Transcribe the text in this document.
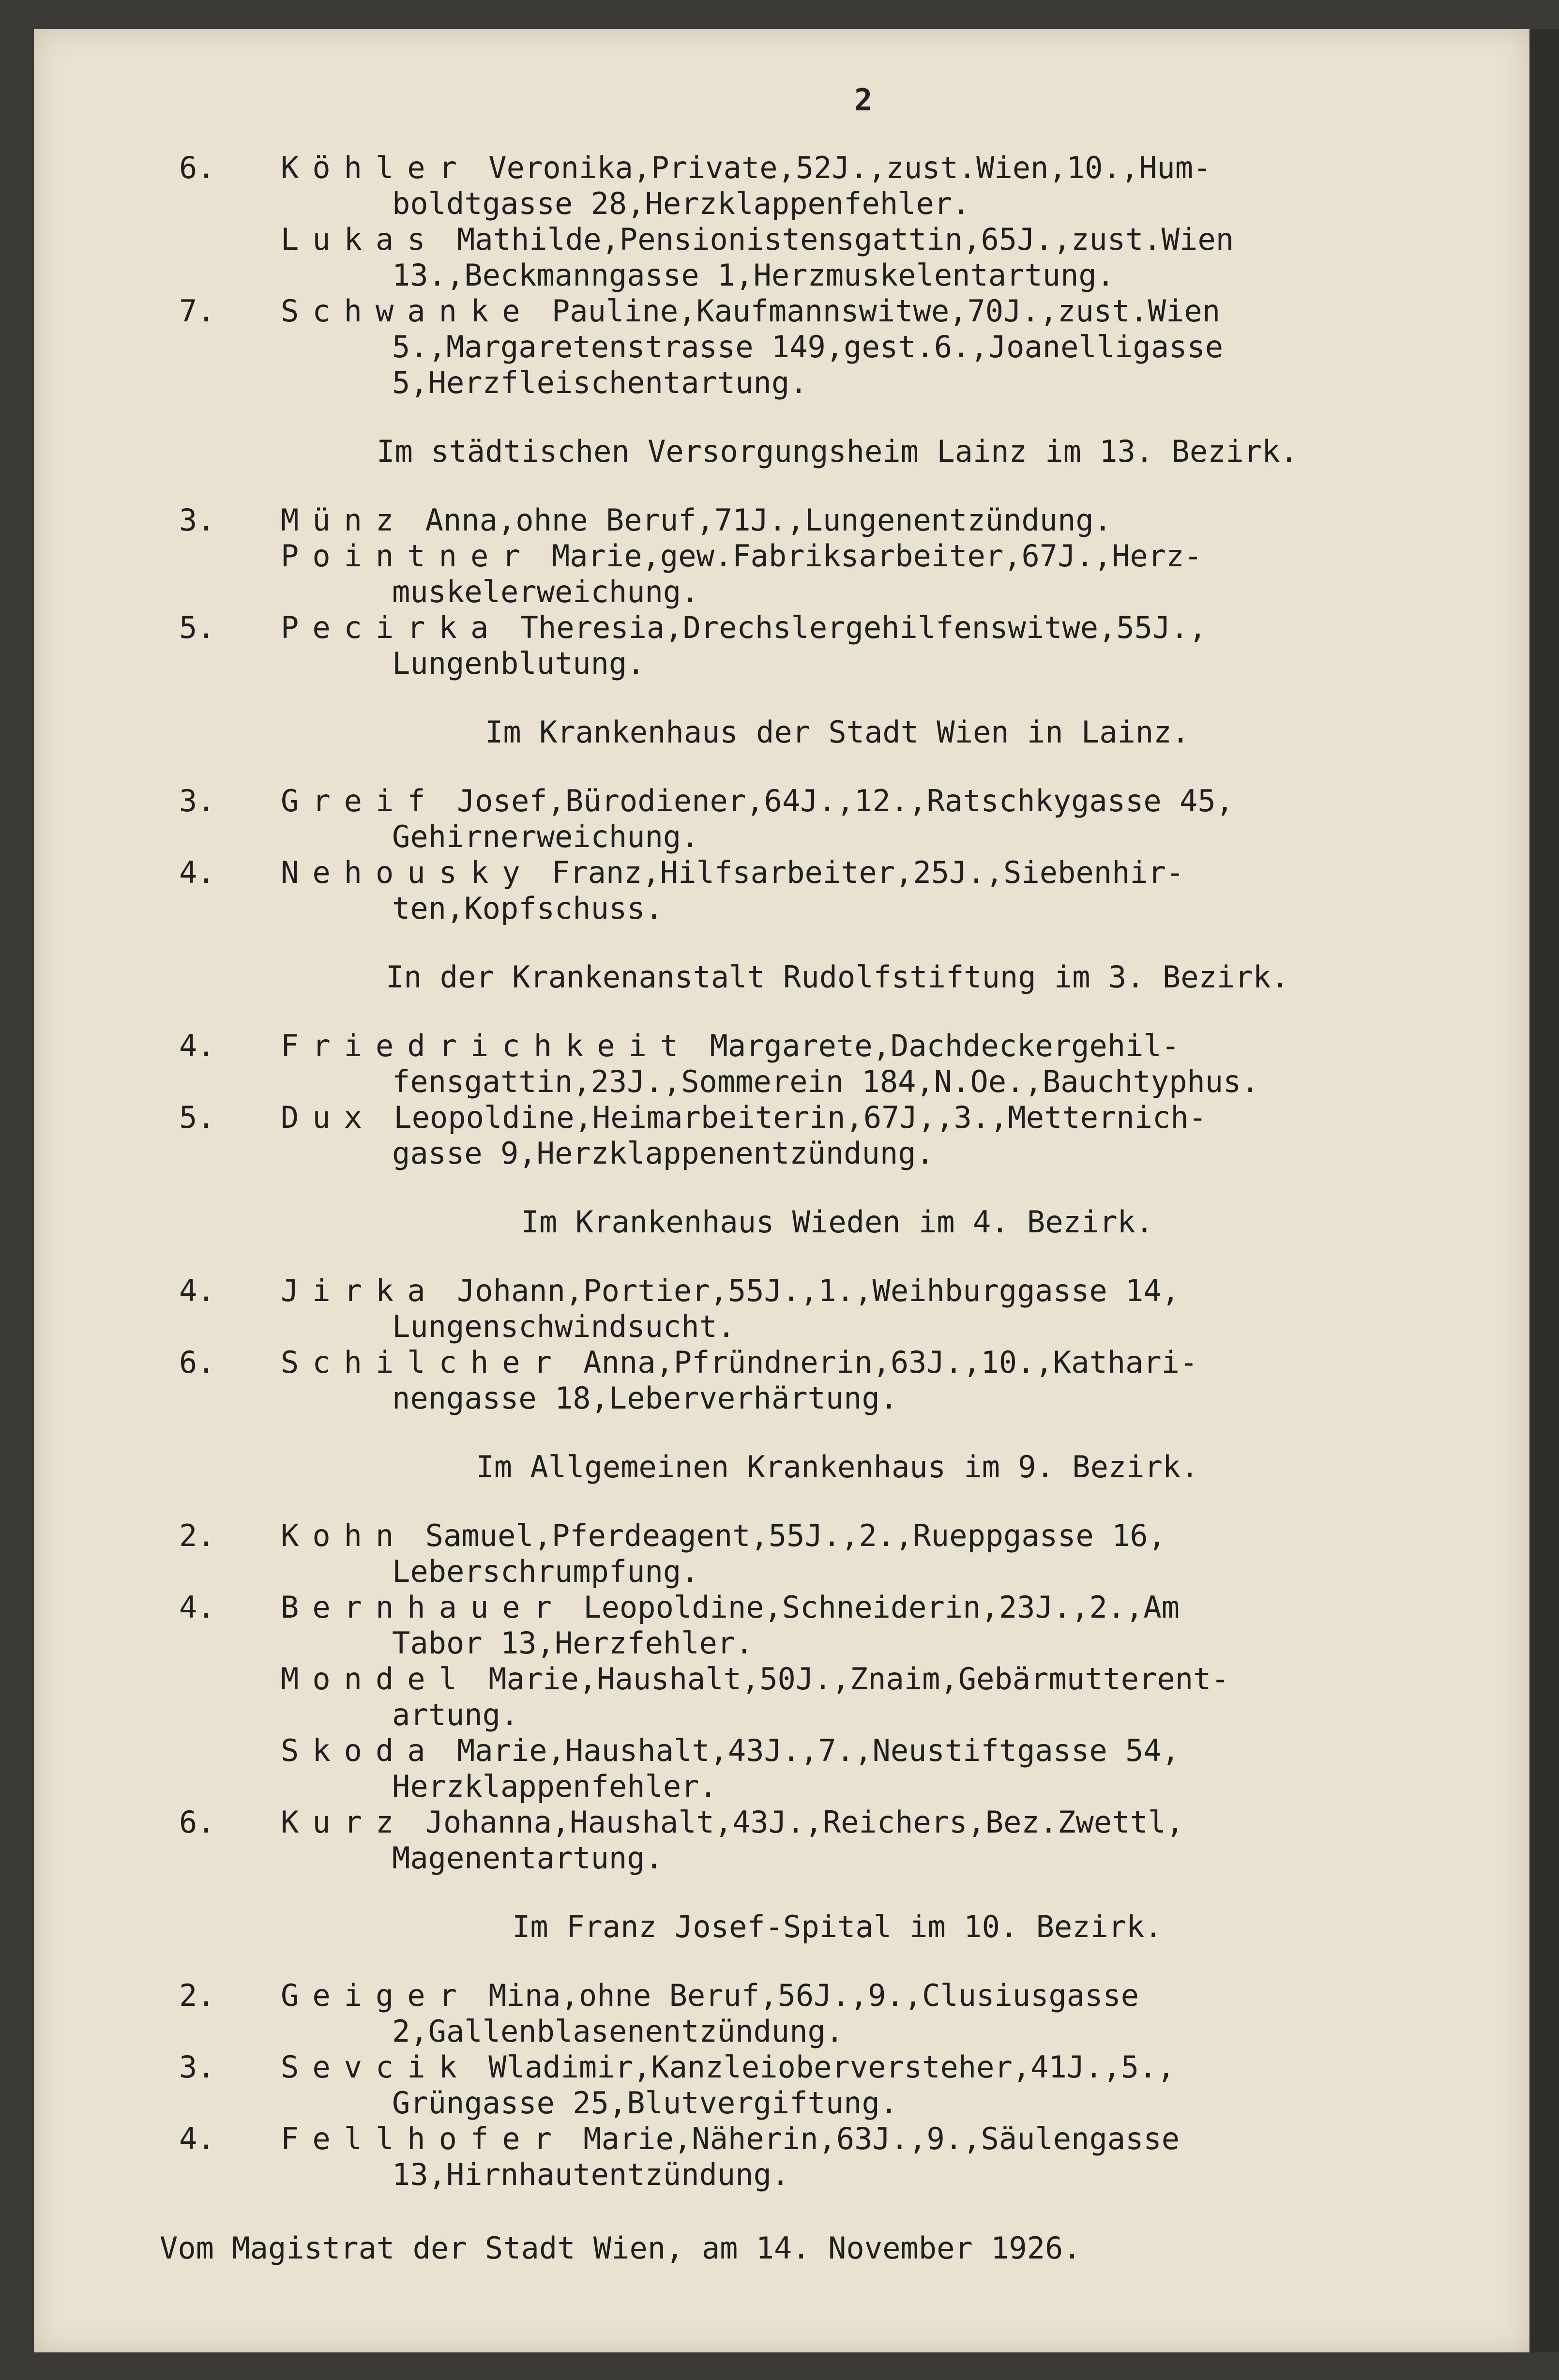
2
6. Köhler Veronika,Private,52J.,zust.Wien,10.,Hum-
boldtgasse 28,Herzklappenfehler.
Lukas Mathilde,Pensionistensgattin,65J.,zust.Wien
13.,Beckmanngasse 1,Herzmuskelentartung.
7. Schwanke Pauline,Kaufmannswitwe,70J.,zust.Wien
5.,Margaretenstrasse 149,gest.6.,Joanelligasse
5,Herzfleischentartung.
Im städtischen Versorgungsheim Lainz im 13. Bezirk.
3. Münz Anna,ohne Beruf,71J.,Lungenentzündung.
Pointner Marie,gew.Fabriksarbeiter,67J.,Herz-
muskelerweichung.
5. Pecirka Theresia,Drechslergehilfenswitwe,55J.,
Lungenblutung.
Im Krankenhaus der Stadt Wien in Lainz.
3. Greif Josef,Bürodiener,64J.,12.,Ratschkygasse 45,
Gehirnerweichung.
4. Nehousky Franz,Hilfsarbeiter,25J.,Siebenhir-
ten,Kopfschuss.
In der Krankenanstalt Rudolfstiftung im 3. Bezirk.
4. Friedrichkeit Margarete,Dachdeckergehil-
fensgattin,23J.,Sommerein 184,N.Oe.,Bauchtyphus.
5. Dux Leopoldine,Heimarbeiterin,67J,,3.,Metternich-
gasse 9,Herzklappenentzündung.
Im Krankenhaus Wieden im 4. Bezirk.
4. Jirka Johann,Portier,55J.,1.,Weihburggasse 14,
Lungenschwindsucht.
6. Schilcher Anna,Pfründnerin,63J.,10.,Kathari-
nengasse 18,Leberverhärtung.
Im Allgemeinen Krankenhaus im 9. Bezirk.
2. Kohn Samuel,Pferdeagent,55J.,2.,Rueppgasse 16,
Leberschrumpfung.
4. Bernhauer Leopoldine,Schneiderin,23J.,2.,Am
Tabor 13,Herzfehler.
Mondel Marie,Haushalt,50J.,Znaim,Gebärmutterent-
artung.
Skoda Marie,Haushalt,43J.,7.,Neustiftgasse 54,
Herzklappenfehler.
6. Kurz Johanna,Haushalt,43J.,Reichers,Bez.Zwettl,
Magenentartung.
Im Franz Josef-Spital im 10. Bezirk.
2. Geiger Mina,ohne Beruf,56J.,9.,Clusiusgasse
2,Gallenblasenentzündung.
3. Sevcik Wladimir,Kanzleioberversteher,41J.,5.,
Grüngasse 25,Blutvergiftung.
4. Fellhofer Marie,Näherin,63J.,9.,Säulengasse
13,Hirnhautentzündung.
Vom Magistrat der Stadt Wien, am 14. November 1926.
